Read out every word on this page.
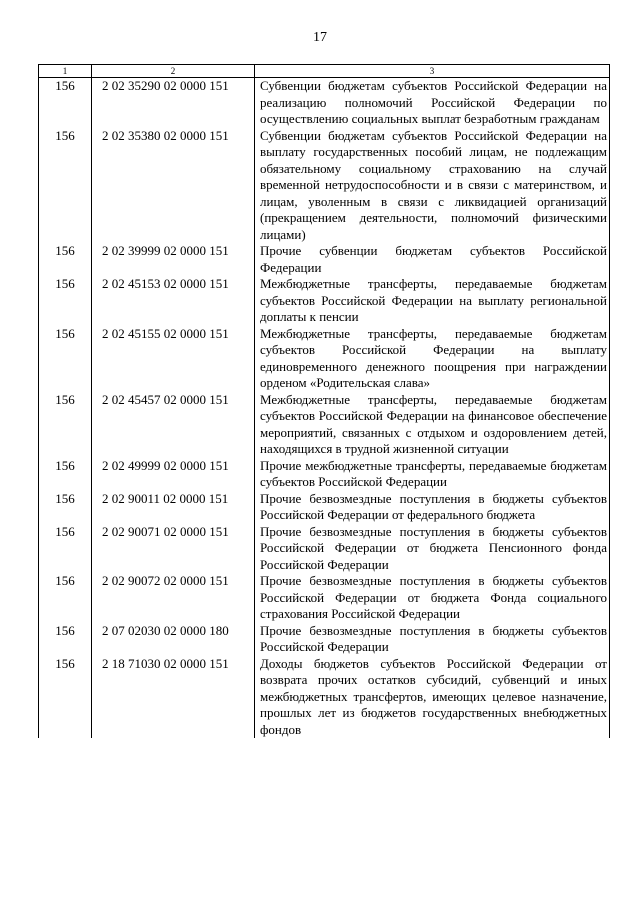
17
1	2	3
156	2 02 35290 02 0000 151	Субвенции бюджетам субъектов Российской Федерации на реализацию полномочий Российской Федерации по осуществлению социальных выплат безработным гражданам
156	2 02 35380 02 0000 151	Субвенции бюджетам субъектов Российской Федерации на выплату государственных пособий лицам, не подлежащим обязательному социальному страхованию на случай временной нетрудоспособности и в связи с материнством, и лицам, уволенным в связи с ликвидацией организаций (прекращением деятельности, полномочий физическими лицами)
156	2 02 39999 02 0000 151	Прочие субвенции бюджетам субъектов Российской Федерации
156	2 02 45153 02 0000 151	Межбюджетные трансферты, передаваемые бюджетам субъектов Российской Федерации на выплату региональной доплаты к пенсии
156	2 02 45155 02 0000 151	Межбюджетные трансферты, передаваемые бюджетам субъектов Российской Федерации на выплату единовременного денежного поощрения при награждении орденом «Родительская слава»
156	2 02 45457 02 0000 151	Межбюджетные трансферты, передаваемые бюджетам субъектов Российской Федерации на финансовое обеспечение мероприятий, связанных с отдыхом и оздоровлением детей, находящихся в трудной жизненной ситуации
156	2 02 49999 02 0000 151	Прочие межбюджетные трансферты, передаваемые бюджетам субъектов Российской Федерации
156	2 02 90011 02 0000 151	Прочие безвозмездные поступления в бюджеты субъектов Российской Федерации от федерального бюджета
156	2 02 90071 02 0000 151	Прочие безвозмездные поступления в бюджеты субъектов Российской Федерации от бюджета Пенсионного фонда Российской Федерации
156	2 02 90072 02 0000 151	Прочие безвозмездные поступления в бюджеты субъектов Российской Федерации от бюджета Фонда социального страхования Российской Федерации
156	2 07 02030 02 0000 180	Прочие безвозмездные поступления в бюджеты субъектов Российской Федерации
156	2 18 71030 02 0000 151	Доходы бюджетов субъектов Российской Федерации от возврата прочих остатков субсидий, субвенций и иных межбюджетных трансфертов, имеющих целевое назначение, прошлых лет из бюджетов государственных внебюджетных фондов
